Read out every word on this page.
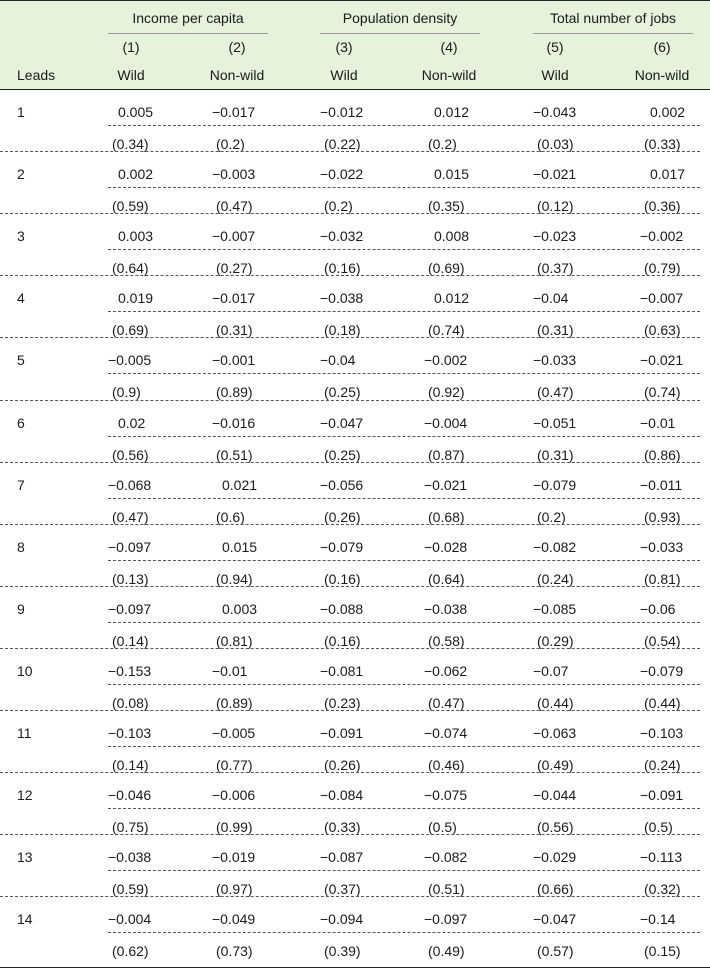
Income per capita	Population density	Total number of jobs
(1)	(2)	(3)	(4)	(5)	(6)
Leads	Wild	Non-wild	Wild	Non-wild	Wild	Non-wild
1	0.005	−0.017	−0.012	0.012	−0.043	0.002
(0.34)	(0.2)	(0.22)	(0.2)	(0.03)	(0.33)
2	0.002	−0.003	−0.022	0.015	−0.021	0.017
(0.59)	(0.47)	(0.2)	(0.35)	(0.12)	(0.36)
3	0.003	−0.007	−0.032	0.008	−0.023	−0.002
(0.64)	(0.27)	(0.16)	(0.69)	(0.37)	(0.79)
4	0.019	−0.017	−0.038	0.012	−0.04	−0.007
(0.69)	(0.31)	(0.18)	(0.74)	(0.31)	(0.63)
5	−0.005	−0.001	−0.04	−0.002	−0.033	−0.021
(0.9)	(0.89)	(0.25)	(0.92)	(0.47)	(0.74)
6	0.02	−0.016	−0.047	−0.004	−0.051	−0.01
(0.56)	(0.51)	(0.25)	(0.87)	(0.31)	(0.86)
7	−0.068	0.021	−0.056	−0.021	−0.079	−0.011
(0.47)	(0.6)	(0.26)	(0.68)	(0.2)	(0.93)
8	−0.097	0.015	−0.079	−0.028	−0.082	−0.033
(0.13)	(0.94)	(0.16)	(0.64)	(0.24)	(0.81)
9	−0.097	0.003	−0.088	−0.038	−0.085	−0.06
(0.14)	(0.81)	(0.16)	(0.58)	(0.29)	(0.54)
10	−0.153	−0.01	−0.081	−0.062	−0.07	−0.079
(0.08)	(0.89)	(0.23)	(0.47)	(0.44)	(0.44)
11	−0.103	−0.005	−0.091	−0.074	−0.063	−0.103
(0.14)	(0.77)	(0.26)	(0.46)	(0.49)	(0.24)
12	−0.046	−0.006	−0.084	−0.075	−0.044	−0.091
(0.75)	(0.99)	(0.33)	(0.5)	(0.56)	(0.5)
13	−0.038	−0.019	−0.087	−0.082	−0.029	−0.113
(0.59)	(0.97)	(0.37)	(0.51)	(0.66)	(0.32)
14	−0.004	−0.049	−0.094	−0.097	−0.047	−0.14
(0.62)	(0.73)	(0.39)	(0.49)	(0.57)	(0.15)
